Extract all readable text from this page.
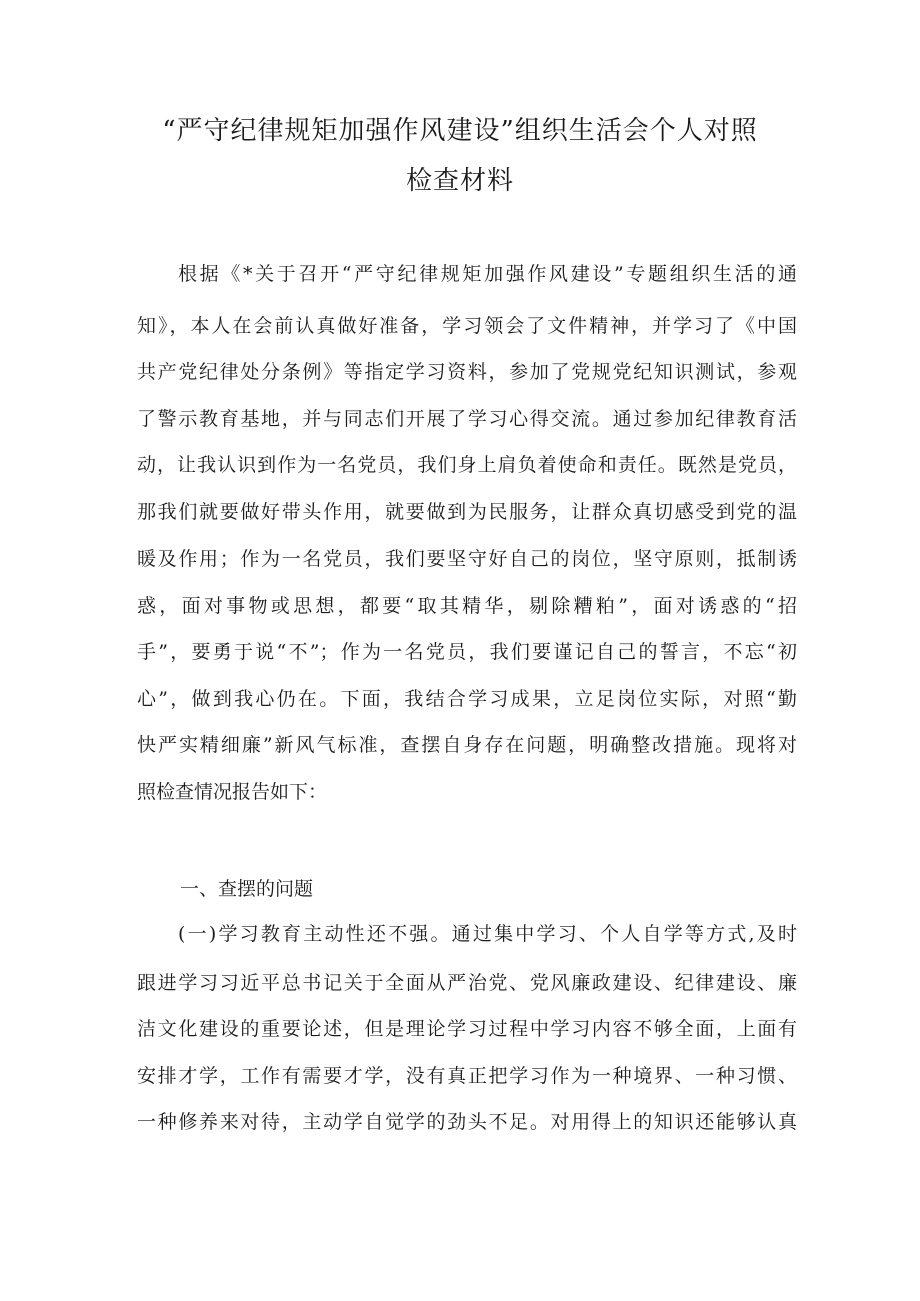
“严守纪律规矩加强作风建设”组织生活会个人对照
检查材料
根据《*关于召开“严守纪律规矩加强作风建设”专题组织生活的通
知》，本人在会前认真做好准备，学习领会了文件精神，并学习了《中国
共产党纪律处分条例》等指定学习资料，参加了党规党纪知识测试，参观
了警示教育基地，并与同志们开展了学习心得交流。通过参加纪律教育活
动，让我认识到作为一名党员，我们身上肩负着使命和责任。既然是党员，
那我们就要做好带头作用，就要做到为民服务，让群众真切感受到党的温
暖及作用；作为一名党员，我们要坚守好自己的岗位，坚守原则，抵制诱
惑，面对事物或思想，都要“取其精华，剔除糟粕”，面对诱惑的“招
手”，要勇于说“不”；作为一名党员，我们要谨记自己的誓言，不忘“初
心”，做到我心仍在。下面，我结合学习成果，立足岗位实际，对照“勤
快严实精细廉”新风气标准，查摆自身存在问题，明确整改措施。现将对
照检查情况报告如下：
一、查摆的问题
(一)学习教育主动性还不强。通过集中学习、个人自学等方式,及时
跟进学习习近平总书记关于全面从严治党、党风廉政建设、纪律建设、廉
洁文化建设的重要论述，但是理论学习过程中学习内容不够全面，上面有
安排才学，工作有需要才学，没有真正把学习作为一种境界、一种习惯、
一种修养来对待，主动学自觉学的劲头不足。对用得上的知识还能够认真
